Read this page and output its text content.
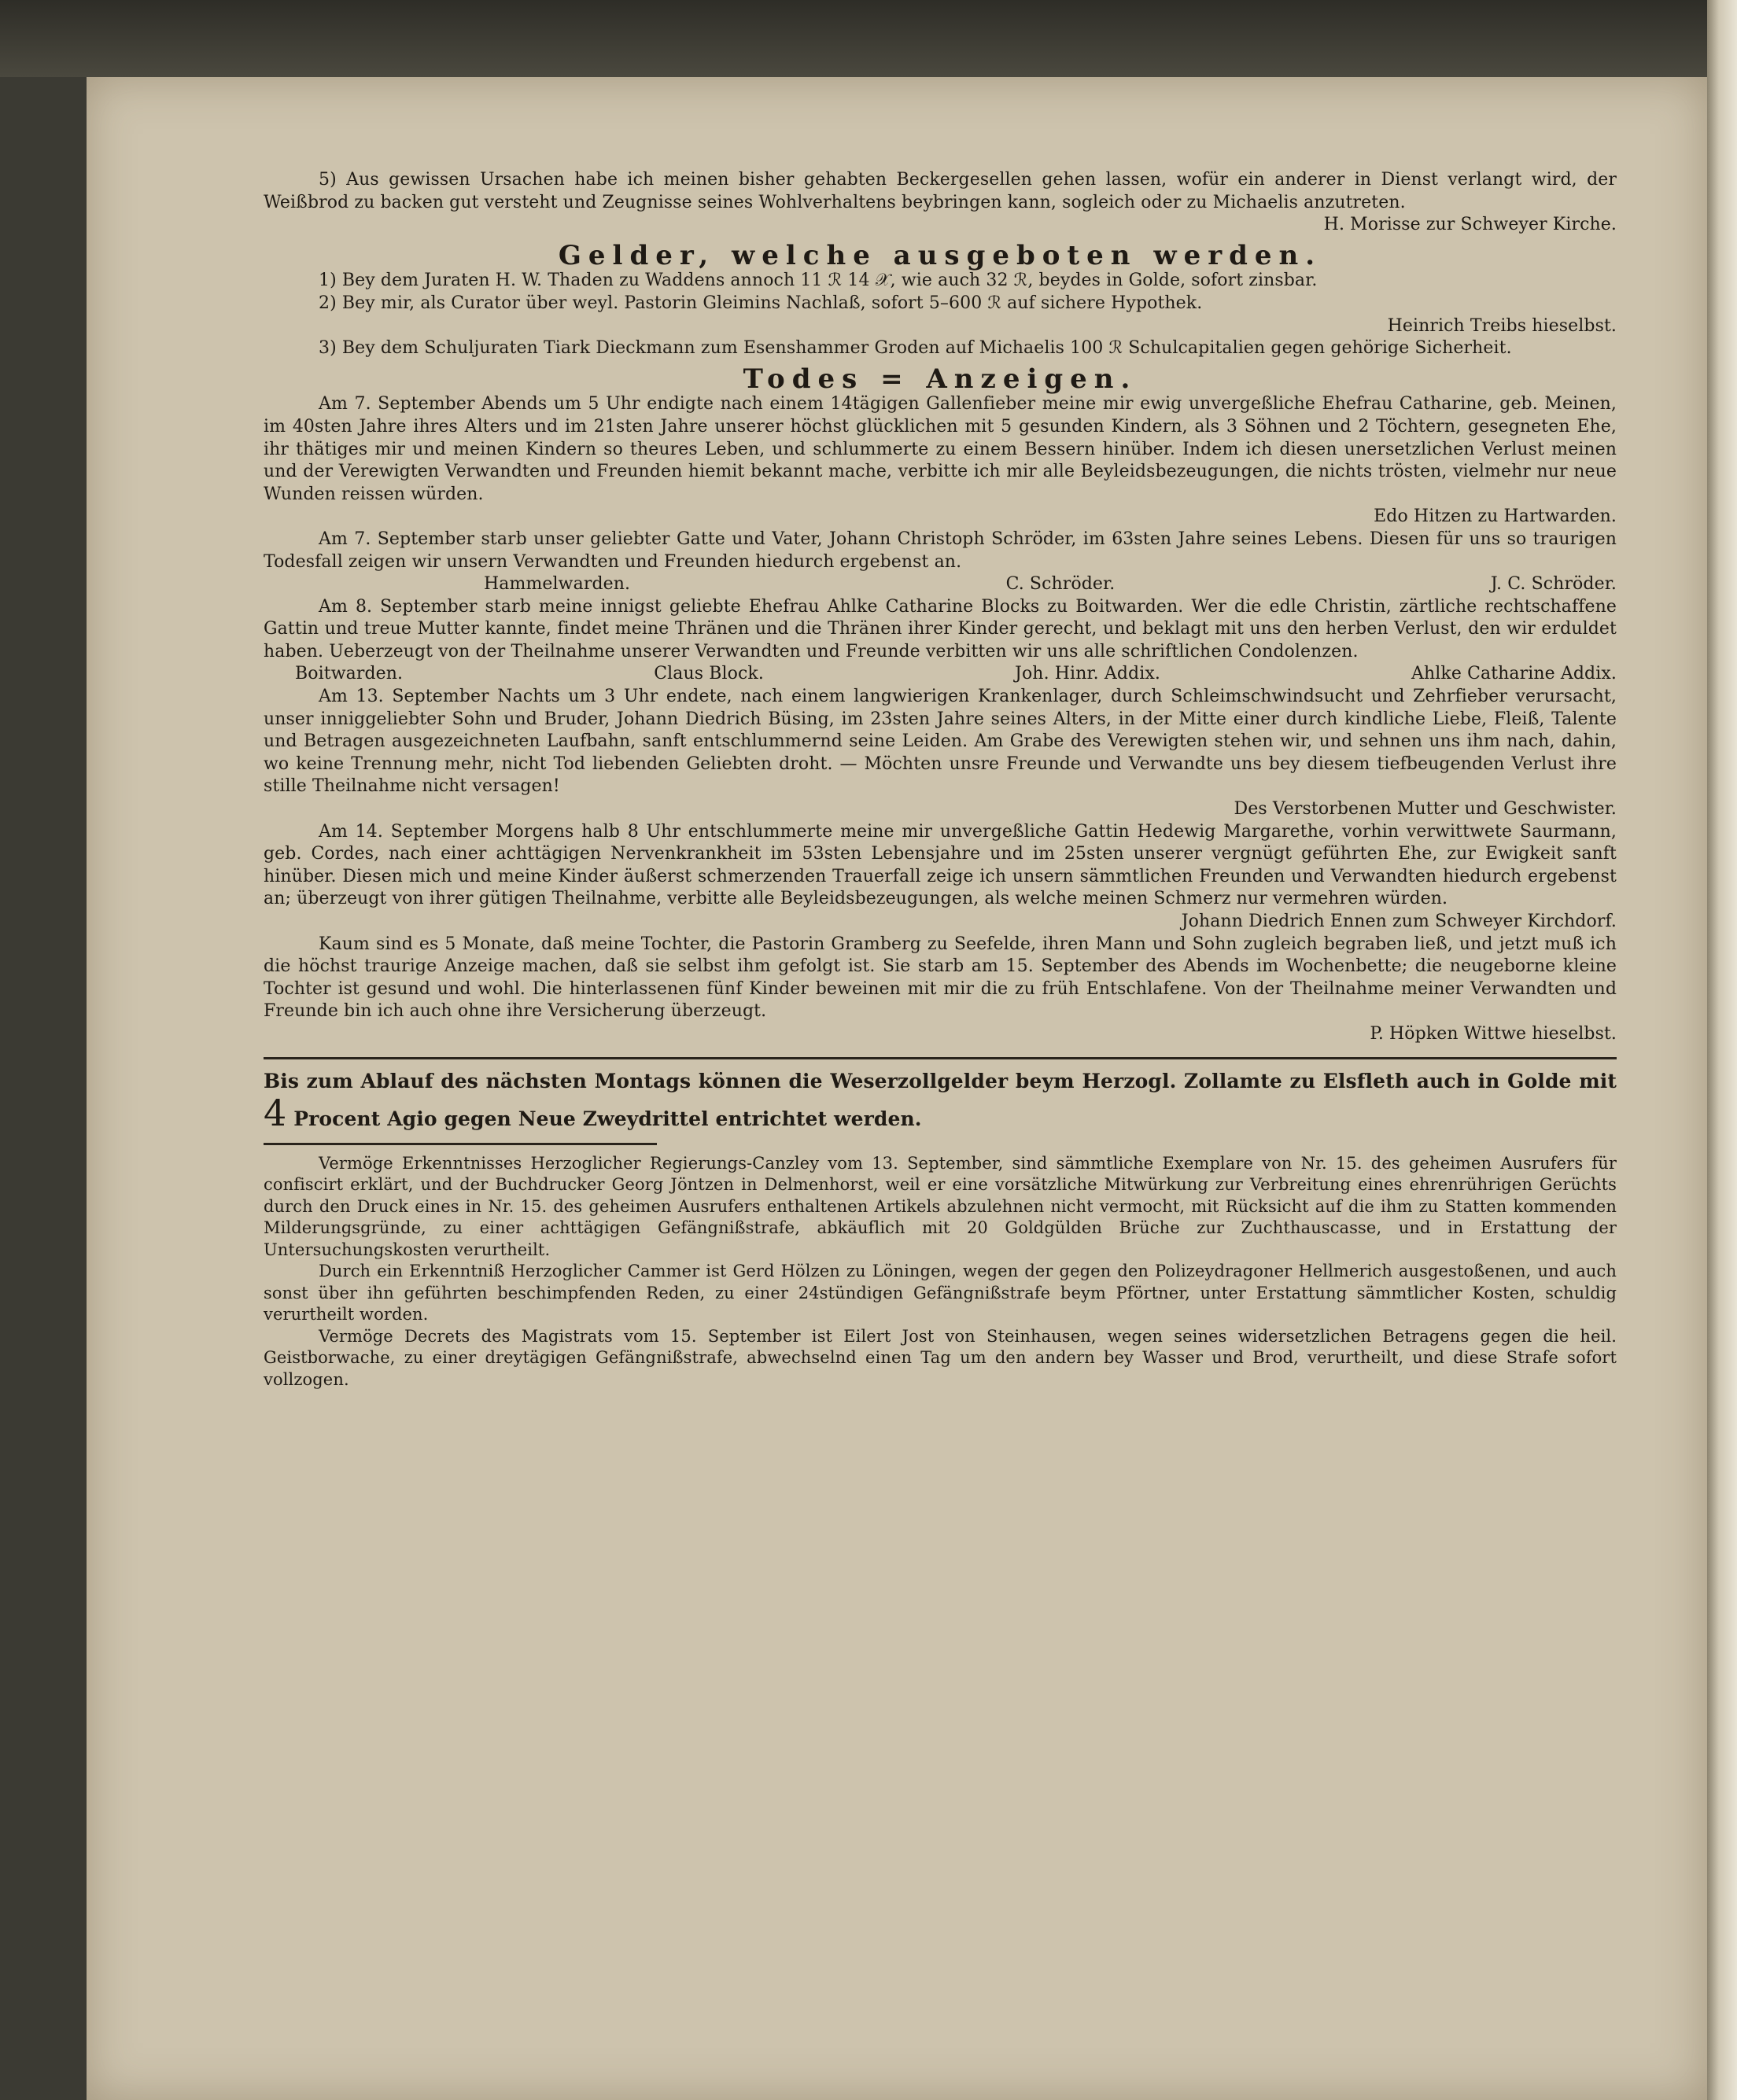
5) Aus gewissen Ursachen habe ich meinen bisher gehabten Beckergesellen gehen lassen, wofür ein anderer in Dienst verlangt wird, der Weißbrod zu backen gut versteht und Zeugnisse seines Wohlverhaltens beybringen kann, sogleich oder zu Michaelis anzutreten.

H. Morisse zur Schweyer Kirche.

Gelder, welche ausgeboten werden.

1) Bey dem Juraten H. W. Thaden zu Waddens annoch 11 ℛ 14 𝒳, wie auch 32 ℛ, beydes in Golde, sofort zinsbar.

2) Bey mir, als Curator über weyl. Pastorin Gleimins Nachlaß, sofort 5–600 ℛ auf sichere Hypothek.

Heinrich Treibs hieselbst.

3) Bey dem Schuljuraten Tiark Dieckmann zum Esenshammer Groden auf Michaelis 100 ℛ Schulcapitalien gegen gehörige Sicherheit.

Todes = Anzeigen.

Am 7. September Abends um 5 Uhr endigte nach einem 14tägigen Gallenfieber meine mir ewig unvergeßliche Ehefrau Catharine, geb. Meinen, im 40sten Jahre ihres Alters und im 21sten Jahre unserer höchst glücklichen mit 5 gesunden Kindern, als 3 Söhnen und 2 Töchtern, gesegneten Ehe, ihr thätiges mir und meinen Kindern so theures Leben, und schlummerte zu einem Bessern hinüber. Indem ich diesen unersetzlichen Verlust meinen und der Verewigten Verwandten und Freunden hiemit bekannt mache, verbitte ich mir alle Beyleidsbezeugungen, die nichts trösten, vielmehr nur neue Wunden reissen würden.

Edo Hitzen zu Hartwarden.

Am 7. September starb unser geliebter Gatte und Vater, Johann Christoph Schröder, im 63sten Jahre seines Lebens. Diesen für uns so traurigen Todesfall zeigen wir unsern Verwandten und Freunden hiedurch ergebenst an.

Hammelwarden.	C. Schröder.	J. C. Schröder.

Am 8. September starb meine innigst geliebte Ehefrau Ahlke Catharine Blocks zu Boitwarden. Wer die edle Christin, zärtliche rechtschaffene Gattin und treue Mutter kannte, findet meine Thränen und die Thränen ihrer Kinder gerecht, und beklagt mit uns den herben Verlust, den wir erduldet haben. Ueberzeugt von der Theilnahme unserer Verwandten und Freunde verbitten wir uns alle schriftlichen Condolenzen.

Boitwarden.	Claus Block.	Joh. Hinr. Addix.	Ahlke Catharine Addix.

Am 13. September Nachts um 3 Uhr endete, nach einem langwierigen Krankenlager, durch Schleimschwindsucht und Zehrfieber verursacht, unser inniggeliebter Sohn und Bruder, Johann Diedrich Büsing, im 23sten Jahre seines Alters, in der Mitte einer durch kindliche Liebe, Fleiß, Talente und Betragen ausgezeichneten Laufbahn, sanft entschlummernd seine Leiden. Am Grabe des Verewigten stehen wir, und sehnen uns ihm nach, dahin, wo keine Trennung mehr, nicht Tod liebenden Geliebten droht. — Möchten unsre Freunde und Verwandte uns bey diesem tiefbeugenden Verlust ihre stille Theilnahme nicht versagen!

Des Verstorbenen Mutter und Geschwister.

Am 14. September Morgens halb 8 Uhr entschlummerte meine mir unvergeßliche Gattin Hedewig Margarethe, vorhin verwittwete Saurmann, geb. Cordes, nach einer achttägigen Nervenkrankheit im 53sten Lebensjahre und im 25sten unserer vergnügt geführten Ehe, zur Ewigkeit sanft hinüber. Diesen mich und meine Kinder äußerst schmerzenden Trauerfall zeige ich unsern sämmtlichen Freunden und Verwandten hiedurch ergebenst an; überzeugt von ihrer gütigen Theilnahme, verbitte alle Beyleidsbezeugungen, als welche meinen Schmerz nur vermehren würden.

Johann Diedrich Ennen zum Schweyer Kirchdorf.

Kaum sind es 5 Monate, daß meine Tochter, die Pastorin Gramberg zu Seefelde, ihren Mann und Sohn zugleich begraben ließ, und jetzt muß ich die höchst traurige Anzeige machen, daß sie selbst ihm gefolgt ist. Sie starb am 15. September des Abends im Wochenbette; die neugeborne kleine Tochter ist gesund und wohl. Die hinterlassenen fünf Kinder beweinen mit mir die zu früh Entschlafene. Von der Theilnahme meiner Verwandten und Freunde bin ich auch ohne ihre Versicherung überzeugt.

P. Höpken Wittwe hieselbst.

Bis zum Ablauf des nächsten Montags können die Weserzollgelder beym Herzogl. Zollamte zu Elsfleth auch in Golde mit 4 Procent Agio gegen Neue Zweydrittel entrichtet werden.

Vermöge Erkenntnisses Herzoglicher Regierungs-Canzley vom 13. September, sind sämmtliche Exemplare von Nr. 15. des geheimen Ausrufers für confiscirt erklärt, und der Buchdrucker Georg Jöntzen in Delmenhorst, weil er eine vorsätzliche Mitwürkung zur Verbreitung eines ehrenrührigen Gerüchts durch den Druck eines in Nr. 15. des geheimen Ausrufers enthaltenen Artikels abzulehnen nicht vermocht, mit Rücksicht auf die ihm zu Statten kommenden Milderungsgründe, zu einer achttägigen Gefängnißstrafe, abkäuflich mit 20 Goldgülden Brüche zur Zuchthauscasse, und in Erstattung der Untersuchungskosten verurtheilt.

Durch ein Erkenntniß Herzoglicher Cammer ist Gerd Hölzen zu Löningen, wegen der gegen den Polizeydragoner Hellmerich ausgestoßenen, und auch sonst über ihn geführten beschimpfenden Reden, zu einer 24stündigen Gefängnißstrafe beym Pförtner, unter Erstattung sämmtlicher Kosten, schuldig verurtheilt worden.

Vermöge Decrets des Magistrats vom 15. September ist Eilert Jost von Steinhausen, wegen seines widersetzlichen Betragens gegen die heil. Geistborwache, zu einer dreytägigen Gefängnißstrafe, abwechselnd einen Tag um den andern bey Wasser und Brod, verurtheilt, und diese Strafe sofort vollzogen.
